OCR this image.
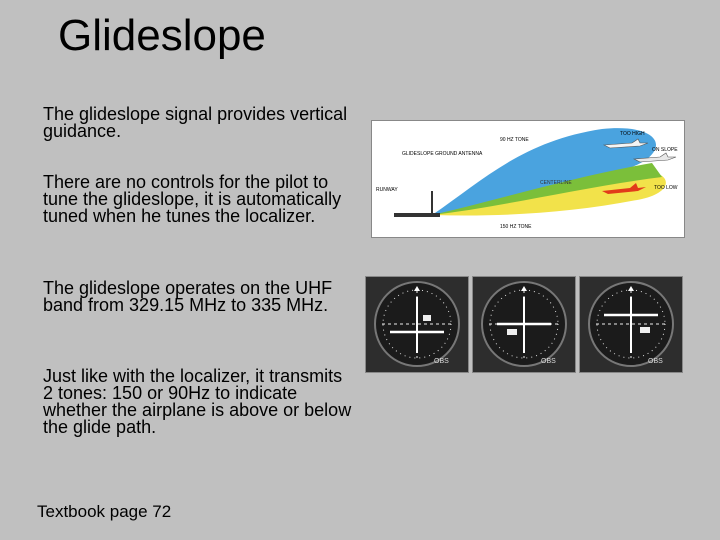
Glideslope

The glideslope signal provides vertical guidance.

There are no controls for the pilot to tune the glideslope, it is automatically tuned when he tunes the localizer.

The glideslope operates on the UHF band from 329.15 MHz to 335 MHz.

Just like with the localizer, it transmits 2 tones: 150 or 90Hz to indicate whether the airplane is above or below the glide path.

Textbook page 72
RUNWAY
GLIDESLOPE GROUND ANTENNA
90 HZ TONE
150 HZ TONE
CENTERLINE
TOO HIGH
ON SLOPE
TOO LOW
OBS	OBS	OBS
